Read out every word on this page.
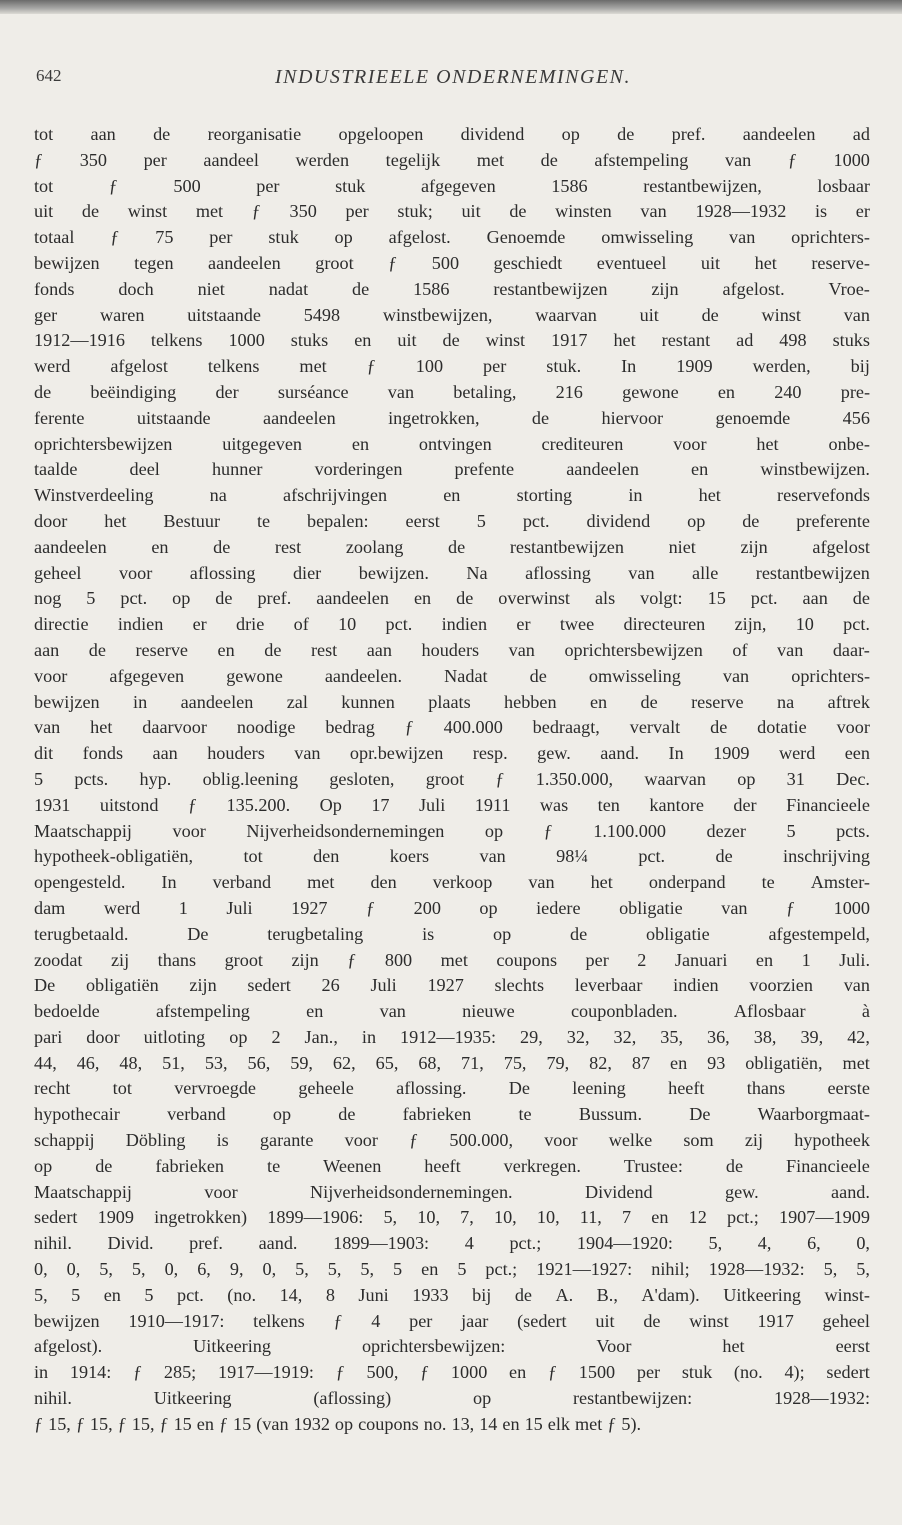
642	INDUSTRIEELE ONDERNEMINGEN.
tot aan de reorganisatie opgeloopen dividend op de pref. aandeelen ad
ƒ 350 per aandeel werden tegelijk met de afstempeling van ƒ 1000
tot	ƒ	500	per	stuk	afgegeven	1586	restantbewijzen,	losbaar
uit de winst met ƒ 350 per stuk; uit de winsten van 1928—1932 is er
totaal ƒ 75 per stuk op afgelost. Genoemde omwisseling van oprichters-
bewijzen tegen aandeelen groot ƒ 500 geschiedt eventueel uit het reserve-
fonds doch niet nadat de 1586 restantbewijzen zijn afgelost. Vroe-
ger waren uitstaande 5498 winstbewijzen, waarvan uit de winst van
1912—1916 telkens 1000 stuks en uit de winst 1917 het restant ad 498 stuks
werd afgelost telkens met ƒ 100 per stuk. In 1909 werden, bij
de beëindiging der surséance van betaling, 216 gewone en 240 pre-
ferente	uitstaande	aandeelen	ingetrokken,	de	hiervoor	genoemde	456
oprichtersbewijzen	uitgegeven	en	ontvingen	crediteuren	voor	het	onbe-
taalde	deel	hunner	vorderingen	prefente	aandeelen	en	winstbewijzen.
Winstverdeeling	na	afschrijvingen	en	storting	in	het	reservefonds
door het Bestuur te bepalen: eerst 5 pct. dividend op de preferente
aandeelen en de rest zoolang de restantbewijzen niet zijn afgelost
geheel voor aflossing dier bewijzen. Na aflossing van alle restantbewijzen
nog 5 pct. op de pref. aandeelen en de overwinst als volgt: 15 pct. aan de
directie indien er drie of 10 pct. indien er twee directeuren zijn, 10 pct.
aan de reserve en de rest aan houders van oprichtersbewijzen of van daar-
voor afgegeven gewone aandeelen. Nadat de omwisseling van oprichters-
bewijzen in aandeelen zal kunnen plaats hebben en de reserve na aftrek
van het daarvoor noodige bedrag ƒ 400.000 bedraagt, vervalt de dotatie voor
dit fonds aan houders van opr.bewijzen resp. gew. aand. In 1909 werd een
5 pcts. hyp. oblig.leening gesloten, groot ƒ 1.350.000, waarvan op 31 Dec.
1931 uitstond ƒ 135.200. Op 17 Juli 1911 was ten kantore der Financieele
Maatschappij voor Nijverheidsondernemingen op ƒ 1.100.000 dezer 5 pcts.
hypotheek-obligatiën,	tot	den	koers	van	98¼	pct.	de	inschrijving
opengesteld. In verband met den verkoop van het onderpand te Amster-
dam werd 1 Juli 1927 ƒ 200 op iedere obligatie van ƒ 1000
terugbetaald.	De	terugbetaling	is	op	de	obligatie	afgestempeld,
zoodat zij thans groot zijn ƒ 800 met coupons per 2 Januari en 1 Juli.
De obligatiën zijn sedert 26 Juli 1927 slechts leverbaar indien voorzien van
bedoelde	afstempeling	en	van	nieuwe	couponbladen.	Aflosbaar	à
pari door uitloting op 2 Jan., in 1912—1935: 29, 32, 32, 35, 36, 38, 39, 42,
44, 46, 48, 51, 53, 56, 59, 62, 65, 68, 71, 75, 79, 82, 87 en 93 obligatiën, met
recht tot vervroegde geheele aflossing. De leening heeft thans eerste
hypothecair	verband	op	de	fabrieken	te	Bussum.	De	Waarborgmaat-
schappij Döbling is garante voor ƒ 500.000, voor welke som zij hypotheek
op de fabrieken te Weenen heeft verkregen. Trustee: de Financieele
Maatschappij	voor	Nijverheidsondernemingen.	Dividend	gew.	aand.
sedert 1909 ingetrokken) 1899—1906: 5, 10, 7, 10, 10, 11, 7 en 12 pct.; 1907—1909
nihil. Divid. pref. aand. 1899—1903: 4 pct.; 1904—1920: 5, 4, 6, 0,
0, 0, 5, 5, 0, 6, 9, 0, 5, 5, 5, 5 en 5 pct.; 1921—1927: nihil; 1928—1932: 5, 5,
5, 5 en 5 pct. (no. 14, 8 Juni 1933 bij de A. B., A'dam). Uitkeering winst-
bewijzen 1910—1917: telkens ƒ 4 per jaar (sedert uit de winst 1917 geheel
afgelost).	Uitkeering	oprichtersbewijzen:	Voor	het	eerst
in 1914: ƒ 285; 1917—1919: ƒ 500, ƒ 1000 en ƒ 1500 per stuk (no. 4); sedert
nihil.	Uitkeering	(aflossing)	op	restantbewijzen:	1928—1932:
ƒ 15, ƒ 15, ƒ 15, ƒ 15 en ƒ 15 (van 1932 op coupons no. 13, 14 en 15 elk met ƒ 5).
